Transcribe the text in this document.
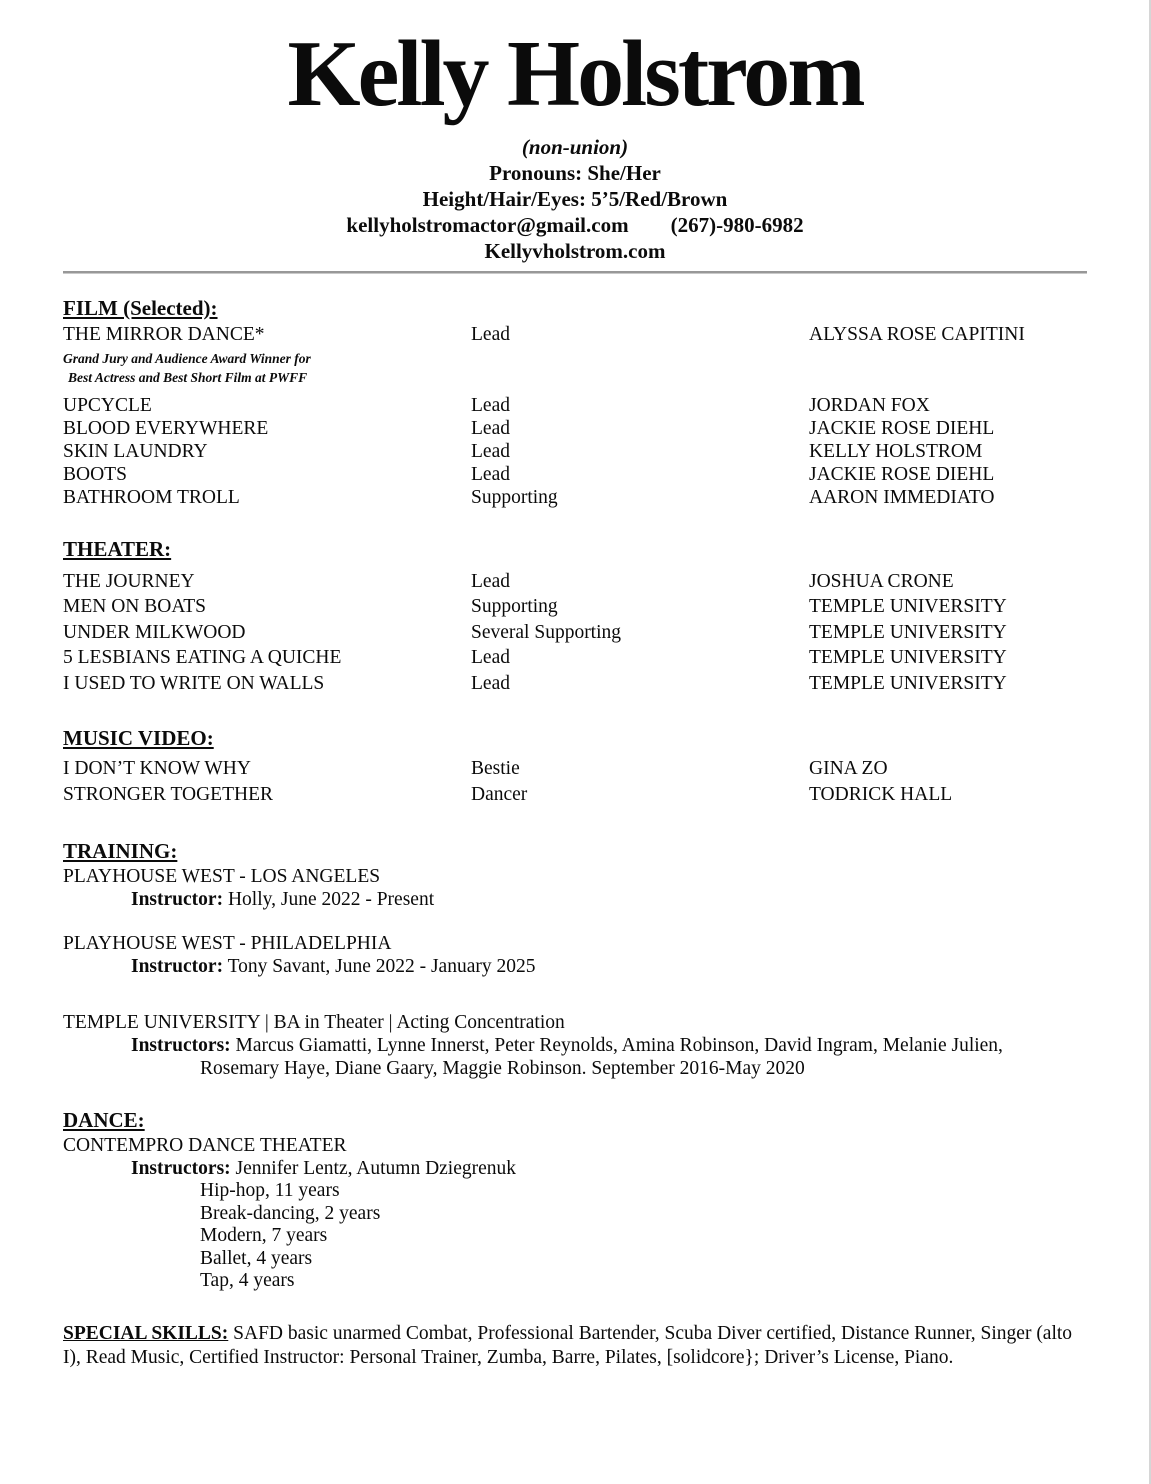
Kelly Holstrom
(non-union)
Pronouns: She/Her
Height/Hair/Eyes: 5’5/Red/Brown
kellyholstromactor@gmail.com (267)-980-6982
Kellyvholstrom.com
FILM (Selected):
THE MIRROR DANCE*	Lead	ALYSSA ROSE CAPITINI
Grand Jury and Audience Award Winner for
Best Actress and Best Short Film at PWFF
UPCYCLE	Lead	JORDAN FOX
BLOOD EVERYWHERE	Lead	JACKIE ROSE DIEHL
SKIN LAUNDRY	Lead	KELLY HOLSTROM
BOOTS	Lead	JACKIE ROSE DIEHL
BATHROOM TROLL	Supporting	AARON IMMEDIATO
THEATER:
THE JOURNEY	Lead	JOSHUA CRONE
MEN ON BOATS	Supporting	TEMPLE UNIVERSITY
UNDER MILKWOOD	Several Supporting	TEMPLE UNIVERSITY
5 LESBIANS EATING A QUICHE	Lead	TEMPLE UNIVERSITY
I USED TO WRITE ON WALLS	Lead	TEMPLE UNIVERSITY
MUSIC VIDEO:
I DON’T KNOW WHY	Bestie	GINA ZO
STRONGER TOGETHER	Dancer	TODRICK HALL
TRAINING:
PLAYHOUSE WEST - LOS ANGELES
Instructor: Holly, June 2022 - Present
PLAYHOUSE WEST - PHILADELPHIA
Instructor: Tony Savant, June 2022 - January 2025
TEMPLE UNIVERSITY | BA in Theater | Acting Concentration
Instructors: Marcus Giamatti, Lynne Innerst, Peter Reynolds, Amina Robinson, David Ingram, Melanie Julien,
Rosemary Haye, Diane Gaary, Maggie Robinson. September 2016-May 2020
DANCE:
CONTEMPRO DANCE THEATER
Instructors: Jennifer Lentz, Autumn Dziegrenuk
Hip-hop, 11 years
Break-dancing, 2 years
Modern, 7 years
Ballet, 4 years
Tap, 4 years

SPECIAL SKILLS: SAFD basic unarmed Combat, Professional Bartender, Scuba Diver certified, Distance Runner, Singer (alto I), Read Music, Certified Instructor: Personal Trainer, Zumba, Barre, Pilates, [solidcore}; Driver’s License, Piano.
